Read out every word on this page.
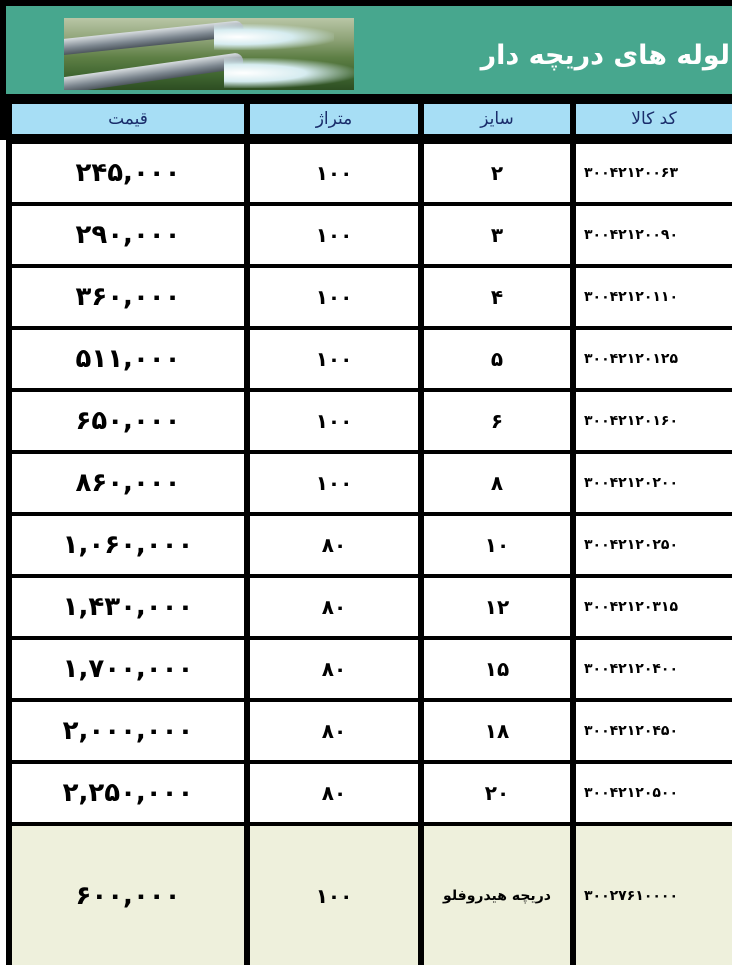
لوله های دریچه دار
قیمت	متراژ	سایز	کد کالا
۲۴۵,۰۰۰	۱۰۰	۲	۳۰۰۴۲۱۲۰۰۶۳
۲۹۰,۰۰۰	۱۰۰	۳	۳۰۰۴۲۱۲۰۰۹۰
۳۶۰,۰۰۰	۱۰۰	۴	۳۰۰۴۲۱۲۰۱۱۰
۵۱۱,۰۰۰	۱۰۰	۵	۳۰۰۴۲۱۲۰۱۲۵
۶۵۰,۰۰۰	۱۰۰	۶	۳۰۰۴۲۱۲۰۱۶۰
۸۶۰,۰۰۰	۱۰۰	۸	۳۰۰۴۲۱۲۰۲۰۰
۱,۰۶۰,۰۰۰	۸۰	۱۰	۳۰۰۴۲۱۲۰۲۵۰
۱,۴۳۰,۰۰۰	۸۰	۱۲	۳۰۰۴۲۱۲۰۳۱۵
۱,۷۰۰,۰۰۰	۸۰	۱۵	۳۰۰۴۲۱۲۰۴۰۰
۲,۰۰۰,۰۰۰	۸۰	۱۸	۳۰۰۴۲۱۲۰۴۵۰
۲,۲۵۰,۰۰۰	۸۰	۲۰	۳۰۰۴۲۱۲۰۵۰۰
۶۰۰,۰۰۰	۱۰۰	دریچه هیدروفلو	۳۰۰۲۷۶۱۰۰۰۰
